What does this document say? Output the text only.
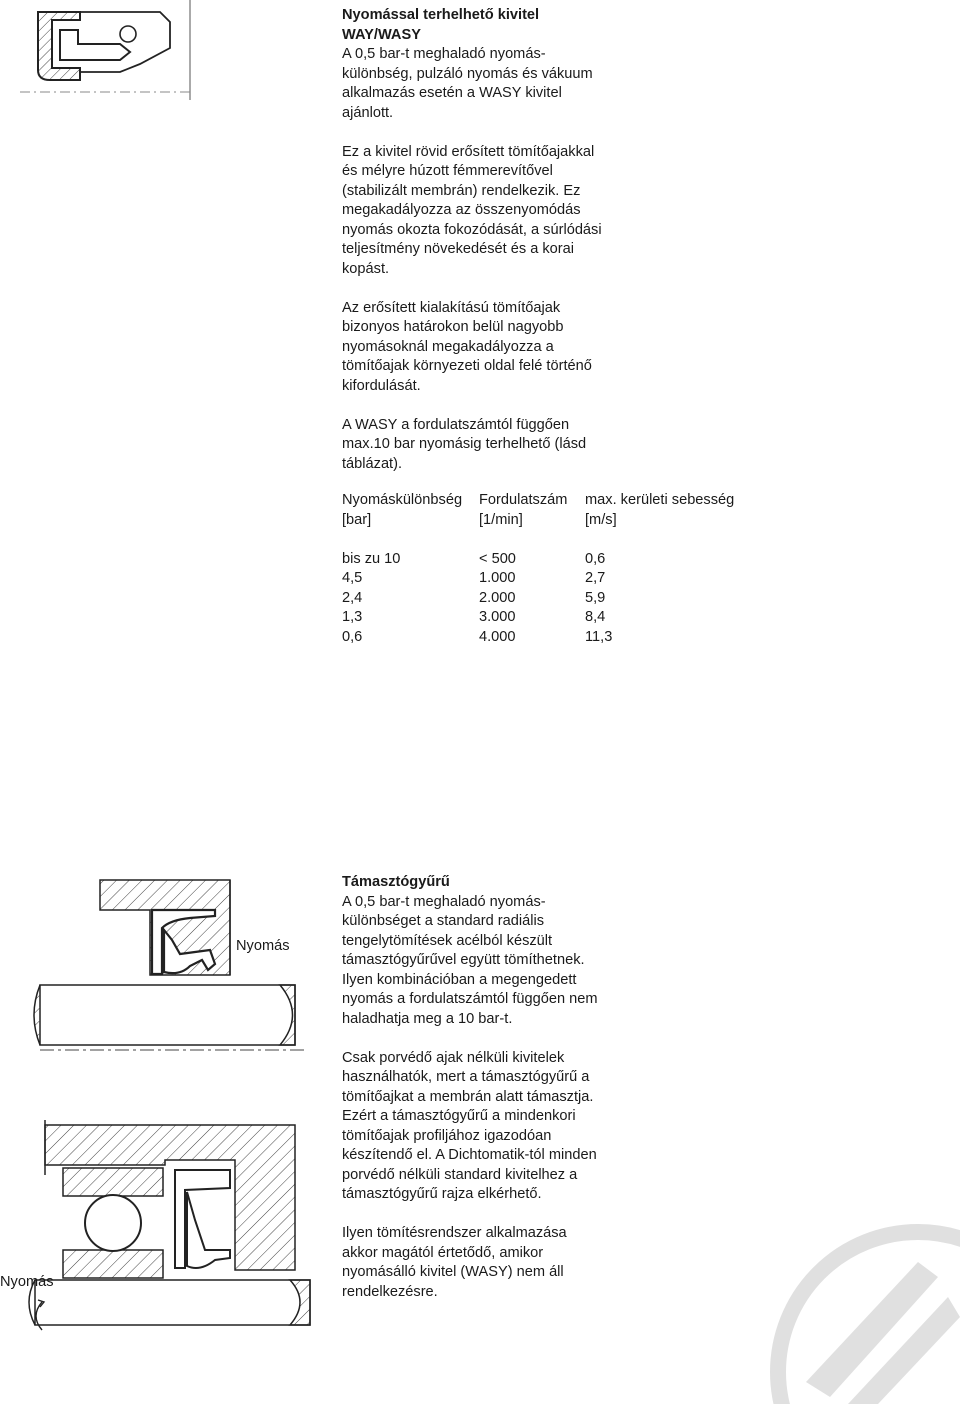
Nyomással terhelhető kivitel

WAY/WASY

A 0,5 bar-t meghaladó nyomás-

különbség, pulzáló nyomás és vákuum

alkalmazás esetén a WASY kivitel

ajánlott.

Ez a kivitel rövid erősített tömítőajakkal

és mélyre húzott fémmerevítővel

(stabilizált membrán) rendelkezik. Ez

megakadályozza az összenyomódás

nyomás okozta fokozódását, a súrlódási

teljesítmény növekedését és a korai

kopást.

Az erősített kialakítású tömítőajak

bizonyos határokon belül nagyobb

nyomásoknál megakadályozza a

tömítőajak környezeti oldal felé történő

kifordulását.

A WASY a fordulatszámtól függően

max.10 bar nyomásig terhelhető (lásd

táblázat).

Nyomáskülönbség	Fordulatszám	max. kerületi sebesség
[bar]	[1/min]	[m/s]
bis zu 10	< 500	0,6
4,5	1.000	2,7
2,4	2.000	5,9
1,3	3.000	8,4
0,6	4.000	11,3
Nyomás
Nyomás

Támasztógyűrű

A 0,5 bar-t meghaladó nyomás-

különbséget a standard radiális

tengelytömítések acélból készült

támasztógyűrűvel együtt tömíthetnek.

Ilyen kombinációban a megengedett

nyomás a fordulatszámtól függően nem

haladhatja meg a 10 bar-t.

Csak porvédő ajak nélküli kivitelek

használhatók, mert a támasztógyűrű a

tömítőajkat a membrán alatt támasztja.

Ezért a támasztógyűrű a mindenkori

tömítőajak profiljához igazodóan

készítendő el. A Dichtomatik-tól minden

porvédő nélküli standard kivitelhez a

támasztógyűrű rajza elkérhető.

Ilyen tömítésrendszer alkalmazása

akkor magától értetődő, amikor

nyomásálló kivitel (WASY) nem áll

rendelkezésre.
